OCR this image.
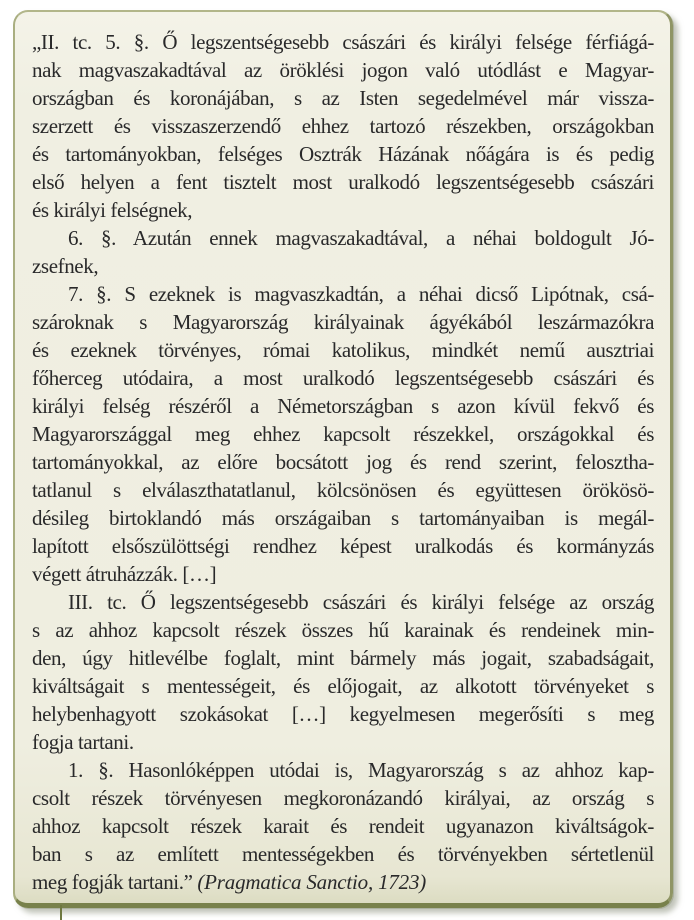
„II. tc. 5. §. Ő legszentségesebb császári és királyi felsége férfiágá-
nak magvaszakadtával az öröklési jogon való utódlást e Magyar-
országban és koronájában, s az Isten segedelmével már vissza-
szerzett és visszaszerzendő ehhez tartozó részekben, országokban
és tartományokban, felséges Osztrák Házának nőágára is és pedig
első helyen a fent tisztelt most uralkodó legszentségesebb császári
és királyi felségnek,
6. §. Azután ennek magvaszakadtával, a néhai boldogult Jó-
zsefnek,
7. §. S ezeknek is magvaszkadtán, a néhai dicső Lipótnak, csá-
szároknak s Magyarország királyainak ágyékából leszármazókra
és ezeknek törvényes, római katolikus, mindkét nemű ausztriai
főherceg utódaira, a most uralkodó legszentségesebb császári és
királyi felség részéről a Németországban s azon kívül fekvő és
Magyarországgal meg ehhez kapcsolt részekkel, országokkal és
tartományokkal, az előre bocsátott jog és rend szerint, felosztha-
tatlanul s elválaszthatatlanul, kölcsönösen és együttesen örökösö-
désileg birtoklandó más országaiban s tartományaiban is megál-
lapított elsőszülöttségi rendhez képest uralkodás és kormányzás
végett átruházzák. […]
III. tc. Ő legszentségesebb császári és királyi felsége az ország
s az ahhoz kapcsolt részek összes hű karainak és rendeinek min-
den, úgy hitlevélbe foglalt, mint bármely más jogait, szabadságait,
kiváltságait s mentességeit, és előjogait, az alkotott törvényeket s
helybenhagyott szokásokat […] kegyelmesen megerősíti s meg
fogja tartani.
1. §. Hasonlóképpen utódai is, Magyarország s az ahhoz kap-
csolt részek törvényesen megkoronázandó királyai, az ország s
ahhoz kapcsolt részek karait és rendeit ugyanazon kiváltságok-
ban s az említett mentességekben és törvényekben sértetlenül
meg fogják tartani.” (Pragmatica Sanctio, 1723)
